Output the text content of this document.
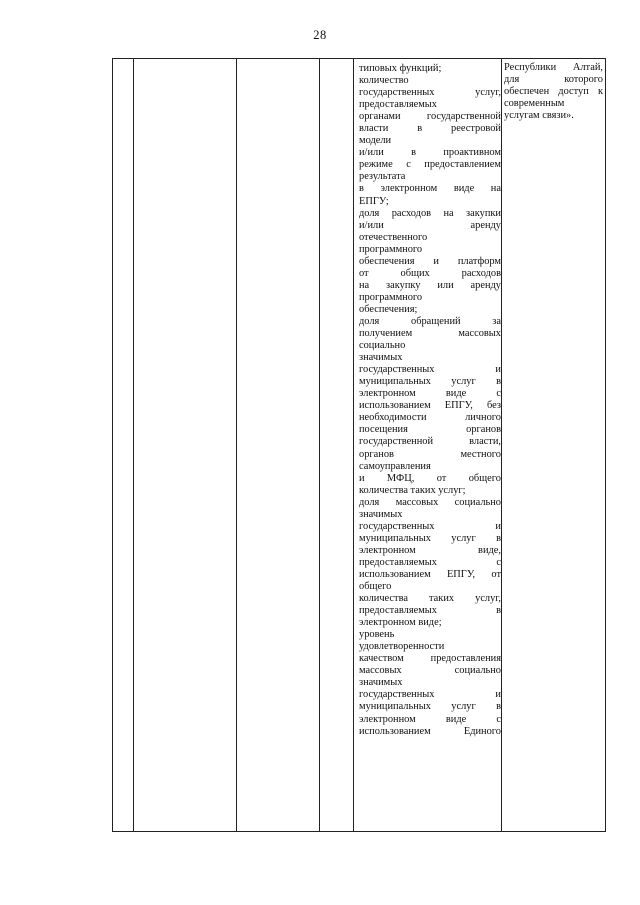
28
типовых функций;
количество
государственных услуг,
предоставляемых
органами государственной
власти в реестровой
модели
и/или в проактивном
режиме с предоставлением
результата
в электронном виде на
ЕПГУ;
доля расходов на закупки
и/или аренду
отечественного
программного
обеспечения и платформ
от общих расходов
на закупку или аренду
программного
обеспечения;
доля обращений за
получением массовых
социально
значимых
государственных и
муниципальных услуг в
электронном виде с
использованием ЕПГУ, без
необходимости личного
посещения органов
государственной власти,
органов местного
самоуправления
и МФЦ, от общего
количества таких услуг;
доля массовых социально
значимых
государственных и
муниципальных услуг в
электронном виде,
предоставляемых с
использованием ЕПГУ, от
общего
количества таких услуг,
предоставляемых в
электронном виде;
уровень
удовлетворенности
качеством предоставления
массовых социально
значимых
государственных и
муниципальных услуг в
электронном виде с
использованием Единого
Республики Алтай,
для которого
обеспечен доступ к
современным
услугам связи».
